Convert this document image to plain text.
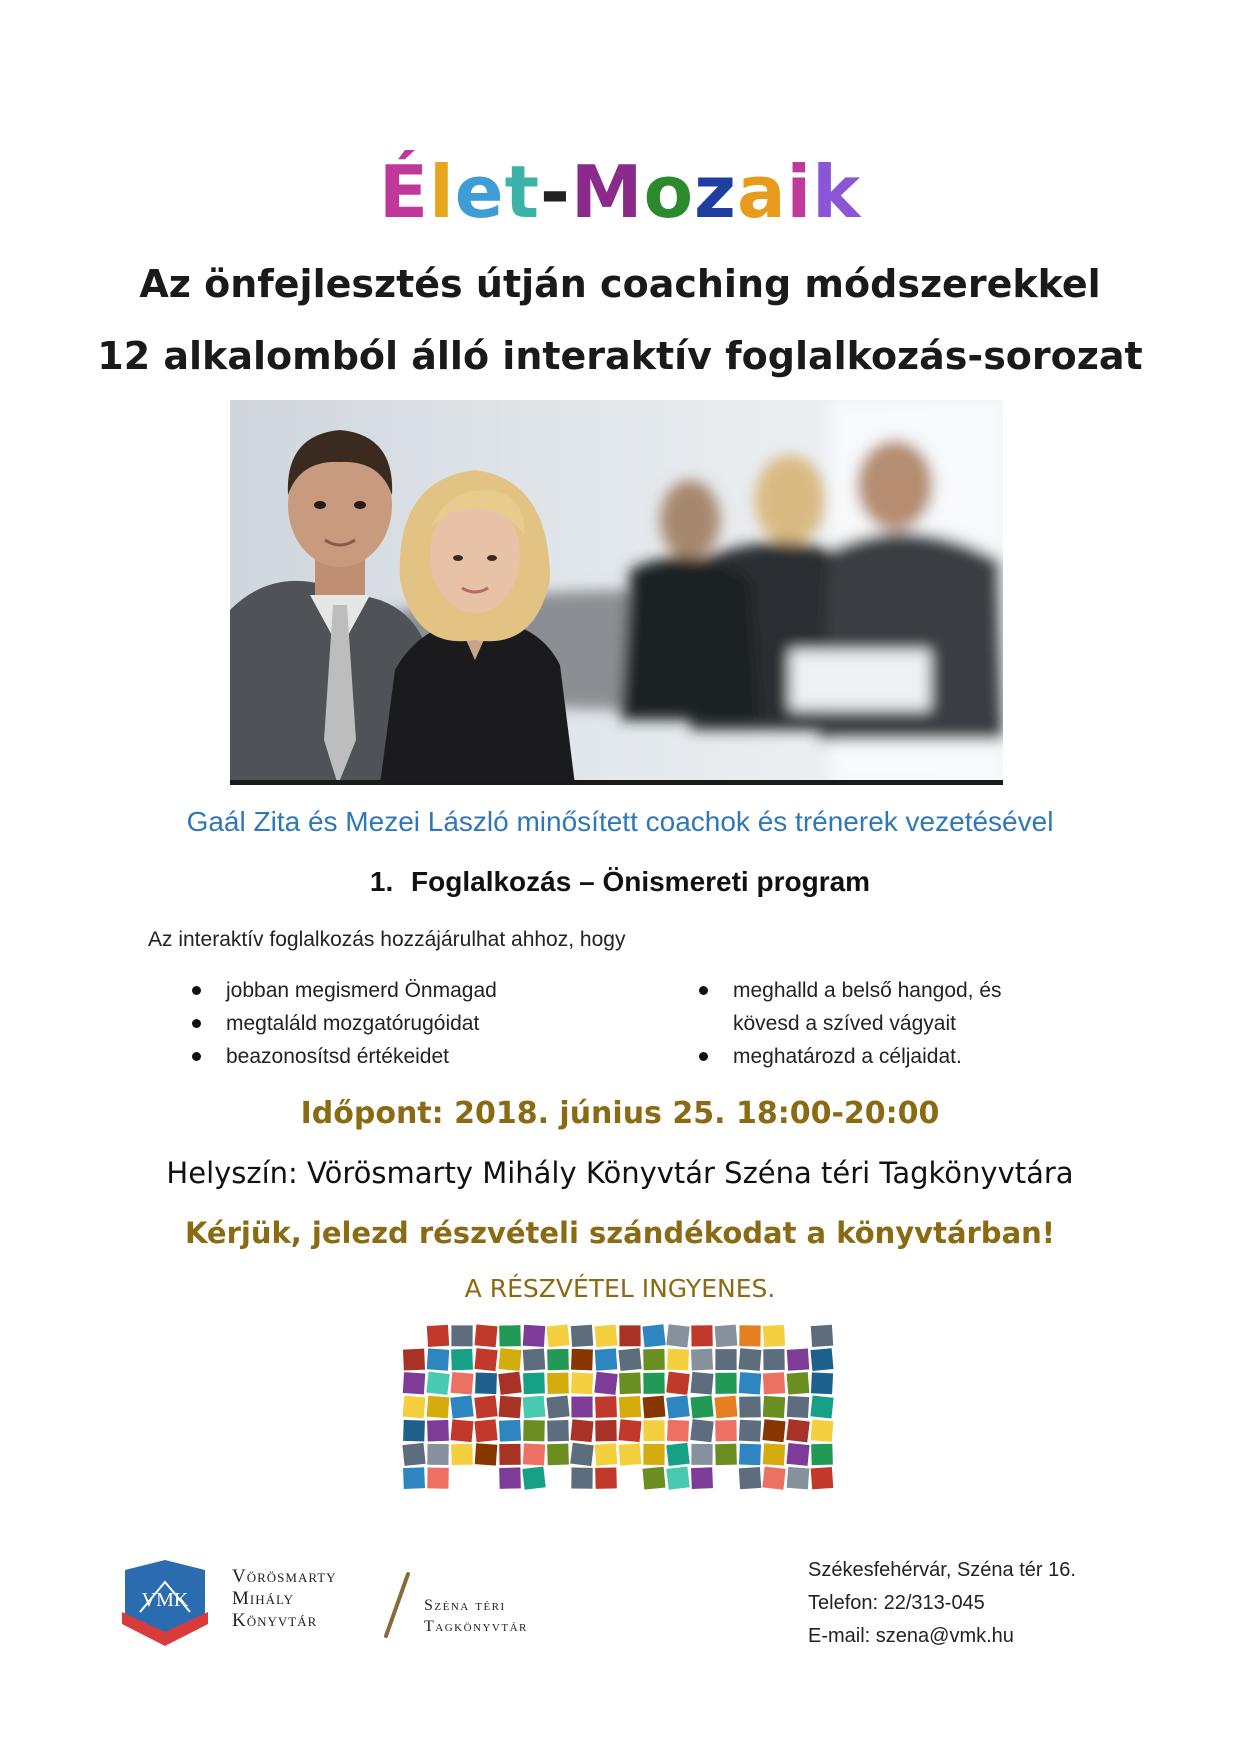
Élet-Mozaik
Az önfejlesztés útján coaching módszerekkel
12 alkalomból álló interaktív foglalkozás-sorozat
Gaál Zita és Mezei László minősített coachok és trénerek vezetésével
1. Foglalkozás – Önismereti program
Az interaktív foglalkozás hozzájárulhat ahhoz, hogy
jobban megismerd Önmagad
megtaláld mozgatórugóidat
beazonosítsd értékeidet
meghalld a belső hangod, és
kövesd a szíved vágyait
meghatározd a céljaidat.
Időpont: 2018. június 25. 18:00-20:00
Helyszín: Vörösmarty Mihály Könyvtár Széna téri Tagkönyvtára
Kérjük, jelezd részvételi szándékodat a könyvtárban!
A RÉSZVÉTEL INGYENES.
VMK
Vörösmarty
Mihály
Könyvtár
Széna téri
Tagkönyvtár
Székesfehérvár, Széna tér 16.
Telefon: 22/313-045
E-mail: szena@vmk.hu
